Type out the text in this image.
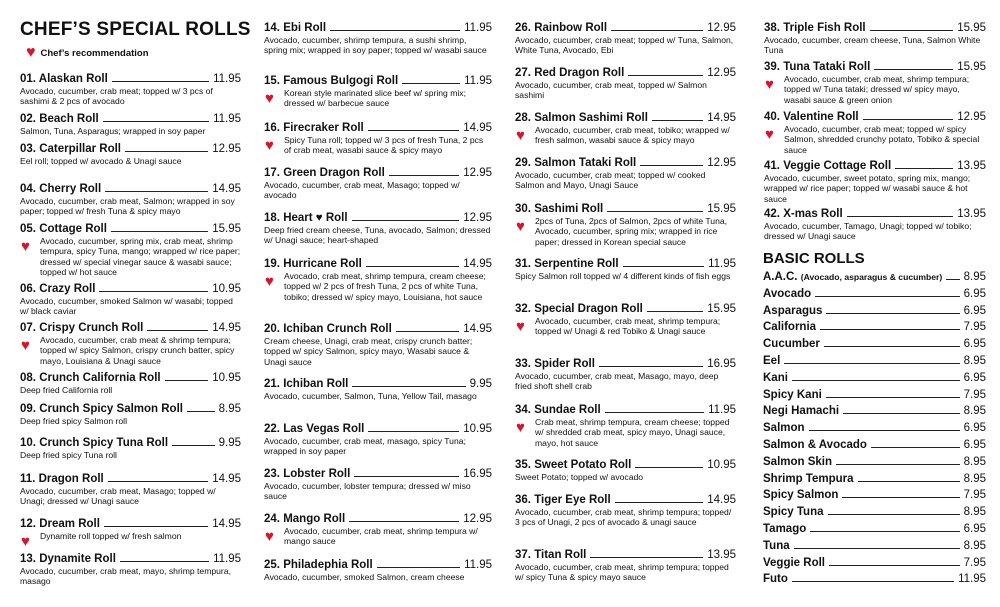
CHEF’S SPECIAL ROLLS
♥ Chef’s recommendation
01. Alaskan Roll	11.95
Avocado, cucumber, crab meat; topped w/ 3 pcs of sashimi & 2 pcs of avocado
02. Beach Roll	11.95
Salmon, Tuna, Asparagus; wrapped in soy paper
03. Caterpillar Roll	12.95
Eel roll; topped w/ avocado & Unagi sauce
04. Cherry Roll	14.95
Avocado, cucumber, crab meat, Salmon; wrapped in soy paper; topped w/ fresh Tuna & spicy mayo
05. Cottage Roll	15.95
Avocado, cucumber, spring mix, crab meat, shrimp tempura, spicy Tuna, mango; wrapped w/ rice paper; dressed w/ special vinegar sauce & wasabi sauce; topped w/ hot sauce
♥
06. Crazy Roll	10.95
Avocado, cucumber, smoked Salmon w/ wasabi; topped w/ black caviar
07. Crispy Crunch Roll	14.95
Avocado, cucumber, crab meat & shrimp tempura; topped w/ spicy Salmon, crispy crunch batter, spicy mayo, Louisiana & Unagi sauce
♥
08. Crunch California Roll	10.95
Deep fried California roll
09. Crunch Spicy Salmon Roll	8.95
Deep fried spicy Salmon roll
10. Crunch Spicy Tuna Roll	9.95
Deep fried spicy Tuna roll
11. Dragon Roll	14.95
Avocado, cucumber, crab meat, Masago; topped w/ Unagi; dressed w/ Unagi sauce
12. Dream Roll	14.95
Dynamite roll topped w/ fresh salmon
♥
13. Dynamite Roll	11.95
Avocado, cucumber, crab meat, mayo, shrimp tempura, masago
14. Ebi Roll	11.95
Avocado, cucumber, shrimp tempura, a sushi shrimp, spring mix; wrapped in soy paper; topped w/ wasabi sauce
15. Famous Bulgogi Roll	11.95
Korean style marinated slice beef w/ spring mix; dressed w/ barbecue sauce
♥
16. Firecraker Roll	14.95
Spicy Tuna roll; topped w/ 3 pcs of fresh Tuna, 2 pcs of crab meat, wasabi sauce & spicy mayo
♥
17. Green Dragon Roll	12.95
Avocado, cucumber, crab meat, Masago; topped w/ avocado
18. Heart ♥ Roll	12.95
Deep fried cream cheese, Tuna, avocado, Salmon; dressed w/ Unagi sauce; heart-shaped
19. Hurricane Roll	14.95
Avocado, crab meat, shrimp tempura, cream cheese; topped w/ 2 pcs of fresh Tuna, 2 pcs of white Tuna, tobiko; dressed w/ spicy mayo, Louisiana, hot sauce
♥
20. Ichiban Crunch Roll	14.95
Cream cheese, Unagi, crab meat, crispy crunch batter; topped w/ spicy Salmon, spicy mayo, Wasabi sauce & Unagi sauce
21. Ichiban Roll	9.95
Avocado, cucumber, Salmon, Tuna, Yellow Tail, masago
22. Las Vegas Roll	10.95
Avocado, cucumber, crab meat, masago, spicy Tuna; wrapped in soy paper
23. Lobster Roll	16.95
Avocado, cucumber, lobster tempura; dressed w/ miso sauce
24. Mango Roll	12.95
Avocado, cucumber, crab meat, shrimp tempura w/ mango sauce
♥
25. Philadephia Roll	11.95
Avocado, cucumber, smoked Salmon, cream cheese
26. Rainbow Roll	12.95
Avocado, cucumber, crab meat; topped w/ Tuna, Salmon, White Tuna, Avocado, Ebi
27. Red Dragon Roll	12.95
Avocado, cucumber, crab meat, topped w/ Salmon sashimi
28. Salmon Sashimi Roll	14.95
Avocado, cucumber, crab meat, tobiko; wrapped w/ fresh salmon, wasabi sauce & spicy mayo
♥
29. Salmon Tataki Roll	12.95
Avocado, cucumber, crab meat; topped w/ cooked Salmon and Mayo, Unagi Sauce
30. Sashimi Roll	15.95
2pcs of Tuna, 2pcs of Salmon, 2pcs of white Tuna, Avocado, cucumber, spring mix; wrapped in rice paper; dressed in Korean special sauce
♥
31. Serpentine Roll	11.95
Spicy Salmon roll topped w/ 4 different kinds of fish eggs
32. Special Dragon Roll	15.95
Avocado, cucumber, crab meat, shrimp tempura; topped w/ Unagi & red Tobiko & Unagi sauce
♥
33. Spider Roll	16.95
Avocado, cucumber, crab meat, Masago, mayo, deep fried shoft shell crab
34. Sundae Roll	11.95
Crab meat, shrimp tempura, cream cheese; topped w/ shredded crab meat, spicy mayo, Unagi sauce, mayo, hot sauce
♥
35. Sweet Potato Roll	10.95
Sweet Potato; topped w/ avocado
36. Tiger Eye Roll	14.95
Avocado, cucumber, crab meat, shrimp tempura; topped/ 3 pcs of Unagi, 2 pcs of avocado & unagi sauce
37. Titan Roll	13.95
Avocado, cucumber, crab meat, shrimp tempura; topped w/ spicy Tuna & spicy mayo sauce
38. Triple Fish Roll	15.95
Avocado, cucumber, cream cheese, Tuna, Salmon White Tuna
39. Tuna Tataki Roll	15.95
Avocado, cucumber, crab meat, shrimp tempura; topped w/ Tuna tataki; dressed w/ spicy mayo, wasabi sauce & green onion
♥
40. Valentine Roll	12.95
Avocado, cucumber, crab meat; topped w/ spicy Salmon, shredded crunchy potato, Tobiko & special sauce
♥
41. Veggie Cottage Roll	13.95
Avocado, cucumber, sweet potato, spring mix, mango; wrapped w/ rice paper; topped w/ wasabi sauce & hot sauce
42. X-mas Roll	13.95
Avocado, cucumber, Tamago, Unagi; topped w/ tobiko; dressed w/ Unagi sauce
BASIC ROLLS
A.A.C. (Avocado, asparagus & cucumber) 8.95
Avocado	6.95
Asparagus	6.95
California	7.95
Cucumber	6.95
Eel	8.95
Kani	6.95
Spicy Kani	7.95
Negi Hamachi	8.95
Salmon	6.95
Salmon & Avocado	6.95
Salmon Skin	8.95
Shrimp Tempura	8.95
Spicy Salmon	7.95
Spicy Tuna	8.95
Tamago	6.95
Tuna	8.95
Veggie Roll	7.95
Futo	11.95
